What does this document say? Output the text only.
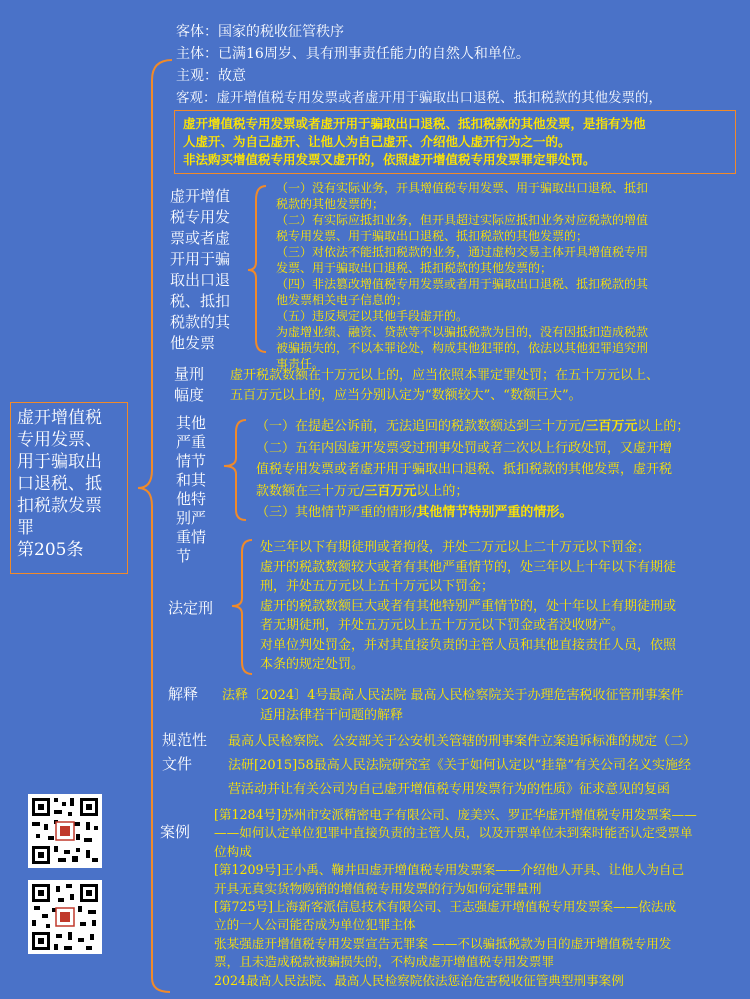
虚开增值税
专用发票、
用于骗取出
口退税、抵
扣税款发票
罪
第205条
客体：国家的税收征管秩序
主体：已满16周岁、具有刑事责任能力的自然人和单位。
主观：故意
客观：虚开增值税专用发票或者虚开用于骗取出口退税、抵扣税款的其他发票的，
虚开增值税专用发票或者虚开用于骗取出口退税、抵扣税款的其他发票，是指有为他
人虚开、为自己虚开、让他人为自己虚开、介绍他人虚开行为之一的。
非法购买增值税专用发票又虚开的，依照虚开增值税专用发票罪定罪处罚。
虚开增值
税专用发
票或者虚
开用于骗
取出口退
税、抵扣
税款的其
他发票
（一）没有实际业务，开具增值税专用发票、用于骗取出口退税、抵扣
税款的其他发票的；
（二）有实际应抵扣业务，但开具超过实际应抵扣业务对应税款的增值
税专用发票、用于骗取出口退税、抵扣税款的其他发票的；
（三）对依法不能抵扣税款的业务，通过虚构交易主体开具增值税专用
发票、用于骗取出口退税、抵扣税款的其他发票的；
（四）非法篡改增值税专用发票或者用于骗取出口退税、抵扣税款的其
他发票相关电子信息的；
（五）违反规定以其他手段虚开的。
为虚增业绩、融资、贷款等不以骗抵税款为目的，没有因抵扣造成税款
被骗损失的，不以本罪论处，构成其他犯罪的，依法以其他犯罪追究刑
事责任。
量刑
幅度
虚开税款数额在十万元以上的，应当依照本罪定罪处罚；在五十万元以上、
五百万元以上的，应当分别认定为“数额较大”、“数额巨大”。
其他
严重
情节
和其
他特
别严
重情
节
（一）在提起公诉前，无法追回的税款数额达到三十万元/三百万元以上的；
（二）五年内因虚开发票受过刑事处罚或者二次以上行政处罚，又虚开增
值税专用发票或者虚开用于骗取出口退税、抵扣税款的其他发票，虚开税
款数额在三十万元/三百万元以上的；
（三）其他情节严重的情形/其他情节特别严重的情形。
法定刑
处三年以下有期徒刑或者拘役，并处二万元以上二十万元以下罚金；
虚开的税款数额较大或者有其他严重情节的，处三年以上十年以下有期徒
刑，并处五万元以上五十万元以下罚金；
虚开的税款数额巨大或者有其他特别严重情节的，处十年以上有期徒刑或
者无期徒刑，并处五万元以上五十万元以下罚金或者没收财产。
对单位判处罚金，并对其直接负责的主管人员和其他直接责任人员，依照
本条的规定处罚。
解释 法释〔2024〕4号最高人民法院 最高人民检察院关于办理危害税收征管刑事案件
适用法律若干问题的解释
规范性
文件
最高人民检察院、公安部关于公安机关管辖的刑事案件立案追诉标准的规定（二）
法研[2015]58最高人民法院研究室《关于如何认定以“挂靠”有关公司名义实施经
营活动并让有关公司为自己虚开增值税专用发票行为的性质》征求意见的复函
案例
[第1284号]苏州市安派精密电子有限公司、庞美兴、罗正华虚开增值税专用发票案——
——如何认定单位犯罪中直接负责的主管人员，以及开票单位未到案时能否认定受票单
位构成
[第1209号]王小禹、鞠井田虚开增值税专用发票案——介绍他人开具、让他人为自己
开具无真实货物购销的增值税专用发票的行为如何定罪量刑
[第725号]上海新客派信息技术有限公司、王志强虚开增值税专用发票案——依法成
立的一人公司能否成为单位犯罪主体
张某强虚开增值税专用发票宣告无罪案 ——不以骗抵税款为目的虚开增值税专用发
票，且未造成税款被骗损失的，不构成虚开增值税专用发票罪
2024最高人民法院、最高人民检察院依法惩治危害税收征管典型刑事案例
